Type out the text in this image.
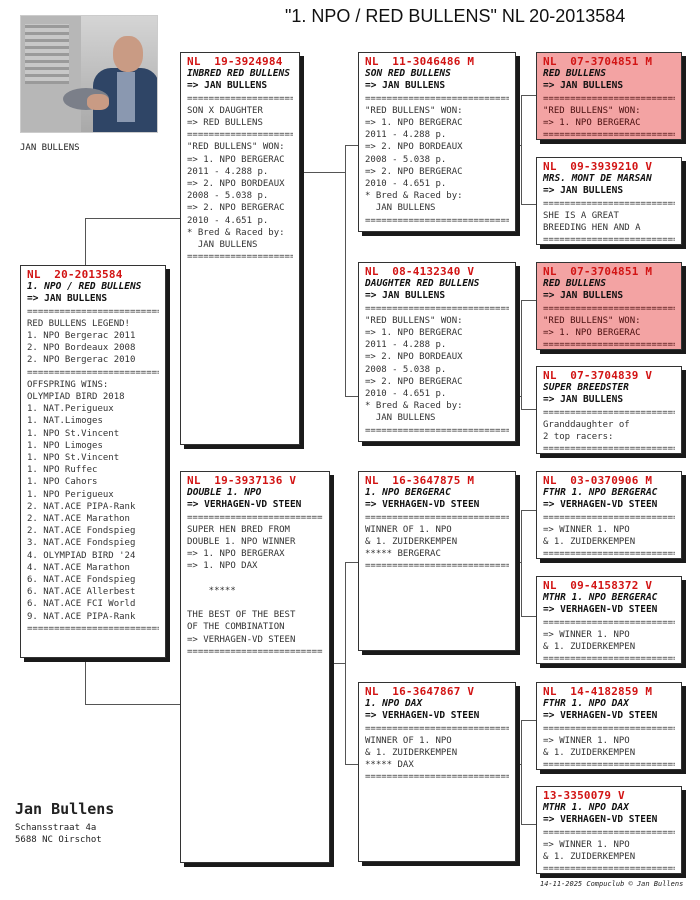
"1. NPO / RED BULLENS" NL 20-2013584
JAN BULLENS
NL  20-2013584
1. NPO / RED BULLENS
=> JAN BULLENS
=====
RED BULLENS LEGEND!
1. NPO Bergerac 2011
2. NPO Bordeaux 2008
2. NPO Bergerac 2010
=====
OFFSPRING WINS:
OLYMPIAD BIRD 2018
1. NAT.Perigueux
1. NAT.Limoges
1. NPO St.Vincent
1. NPO Limoges
1. NPO St.Vincent
1. NPO Ruffec
1. NPO Cahors
1. NPO Perigueux
2. NAT.ACE PIPA-Rank
2. NAT.ACE Marathon
2. NAT.ACE Fondspieg
3. NAT.ACE Fondspieg
4. OLYMPIAD BIRD '24
4. NAT.ACE Marathon
6. NAT.ACE Fondspieg
6. NAT.ACE Allerbest
6. NAT.ACE FCI World
9. NAT.ACE PIPA-Rank
=====
NL  19-3924984
INBRED RED BULLENS
=> JAN BULLENS
=====
SON X DAUGHTER
=> RED BULLENS
=====
"RED BULLENS" WON:
=> 1. NPO BERGERAC
2011 - 4.288 p.
=> 2. NPO BORDEAUX
2008 - 5.038 p.
=> 2. NPO BERGERAC
2010 - 4.651 p.
* Bred & Raced by:
JAN BULLENS
=====
NL  19-3937136 V
DOUBLE 1. NPO
=> VERHAGEN-VD STEEN
=====
SUPER HEN BRED FROM
DOUBLE 1. NPO WINNER
=> 1. NPO BERGERAX
=> 1. NPO DAX

*****

THE BEST OF THE BEST
OF THE COMBINATION
=> VERHAGEN-VD STEEN
=====
NL  11-3046486 M
SON RED BULLENS
=> JAN BULLENS
=====
"RED BULLENS" WON:
=> 1. NPO BERGERAC
2011 - 4.288 p.
=> 2. NPO BORDEAUX
2008 - 5.038 p.
=> 2. NPO BERGERAC
2010 - 4.651 p.
* Bred & Raced by:
JAN BULLENS
=====
NL  08-4132340 V
DAUGHTER RED BULLENS
=> JAN BULLENS
=====
"RED BULLENS" WON:
=> 1. NPO BERGERAC
2011 - 4.288 p.
=> 2. NPO BORDEAUX
2008 - 5.038 p.
=> 2. NPO BERGERAC
2010 - 4.651 p.
* Bred & Raced by:
JAN BULLENS
=====
NL  16-3647875 M
1. NPO BERGERAC
=> VERHAGEN-VD STEEN
=====
WINNER OF 1. NPO
& 1. ZUIDERKEMPEN
***** BERGERAC
=====
NL  16-3647867 V
1. NPO DAX
=> VERHAGEN-VD STEEN
=====
WINNER OF 1. NPO
& 1. ZUIDERKEMPEN
***** DAX
=====
NL  07-3704851 M
RED BULLENS
=> JAN BULLENS
=====
"RED BULLENS" WON:
=> 1. NPO BERGERAC
=====
NL  09-3939210 V
MRS. MONT DE MARSAN
=> JAN BULLENS
=====
SHE IS A GREAT
BREEDING HEN AND A
=====
NL  07-3704851 M
RED BULLENS
=> JAN BULLENS
=====
"RED BULLENS" WON:
=> 1. NPO BERGERAC
=====
NL  07-3704839 V
SUPER BREEDSTER
=> JAN BULLENS
=====
Granddaughter of
2 top racers:
=====
NL  03-0370906 M
FTHR 1. NPO BERGERAC
=> VERHAGEN-VD STEEN
=====
=> WINNER 1. NPO
& 1. ZUIDERKEMPEN
=====
NL  09-4158372 V
MTHR 1. NPO BERGERAC
=> VERHAGEN-VD STEEN
=====
=> WINNER 1. NPO
& 1. ZUIDERKEMPEN
=====
NL  14-4182859 M
FTHR 1. NPO DAX
=> VERHAGEN-VD STEEN
=====
=> WINNER 1. NPO
& 1. ZUIDERKEMPEN
=====
13-3350079 V
MTHR 1. NPO DAX
=> VERHAGEN-VD STEEN
=====
=> WINNER 1. NPO
& 1. ZUIDERKEMPEN
=====
Jan Bullens
Schansstraat 4a
5688 NC Oirschot
14-11-2025 Compuclub © Jan Bullens
